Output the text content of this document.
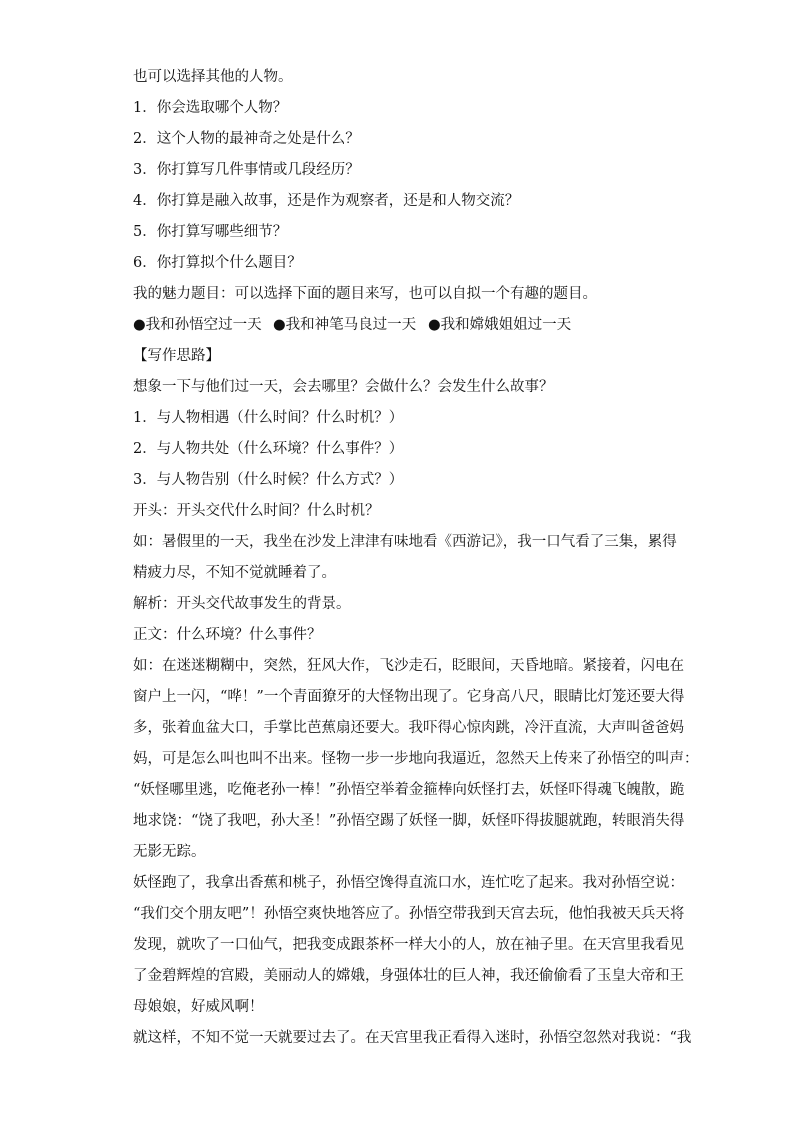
也可以选择其他的人物。
1．你会选取哪个人物？
2．这个人物的最神奇之处是什么？
3．你打算写几件事情或几段经历？
4．你打算是融入故事，还是作为观察者，还是和人物交流？
5．你打算写哪些细节？
6．你打算拟个什么题目？
我的魅力题目：可以选择下面的题目来写，也可以自拟一个有趣的题目。
●我和孙悟空过一天 ●我和神笔马良过一天 ●我和嫦娥姐姐过一天
【写作思路】
想象一下与他们过一天，会去哪里？会做什么？会发生什么故事？
1．与人物相遇（什么时间？什么时机？）
2．与人物共处（什么环境？什么事件？）
3．与人物告别（什么时候？什么方式？）
开头：开头交代什么时间？什么时机？
如：暑假里的一天，我坐在沙发上津津有味地看《西游记》，我一口气看了三集，累得
精疲力尽，不知不觉就睡着了。
解析：开头交代故事发生的背景。
正文：什么环境？什么事件？
如：在迷迷糊糊中，突然，狂风大作，飞沙走石，眨眼间，天昏地暗。紧接着，闪电在
窗户上一闪，“哗！”一个青面獠牙的大怪物出现了。它身高八尺，眼睛比灯笼还要大得
多，张着血盆大口，手掌比芭蕉扇还要大。我吓得心惊肉跳，冷汗直流，大声叫爸爸妈
妈，可是怎么叫也叫不出来。怪物一步一步地向我逼近，忽然天上传来了孙悟空的叫声：
“妖怪哪里逃，吃俺老孙一棒！”孙悟空举着金箍棒向妖怪打去，妖怪吓得魂飞魄散，跪
地求饶：“饶了我吧，孙大圣！”孙悟空踢了妖怪一脚，妖怪吓得拔腿就跑，转眼消失得
无影无踪。
妖怪跑了，我拿出香蕉和桃子，孙悟空馋得直流口水，连忙吃了起来。我对孙悟空说：
“我们交个朋友吧”！孙悟空爽快地答应了。孙悟空带我到天宫去玩，他怕我被天兵天将
发现，就吹了一口仙气，把我变成跟茶杯一样大小的人，放在袖子里。在天宫里我看见
了金碧辉煌的宫殿，美丽动人的嫦娥，身强体壮的巨人神，我还偷偷看了玉皇大帝和王
母娘娘，好威风啊！
就这样，不知不觉一天就要过去了。在天宫里我正看得入迷时，孙悟空忽然对我说：“我
